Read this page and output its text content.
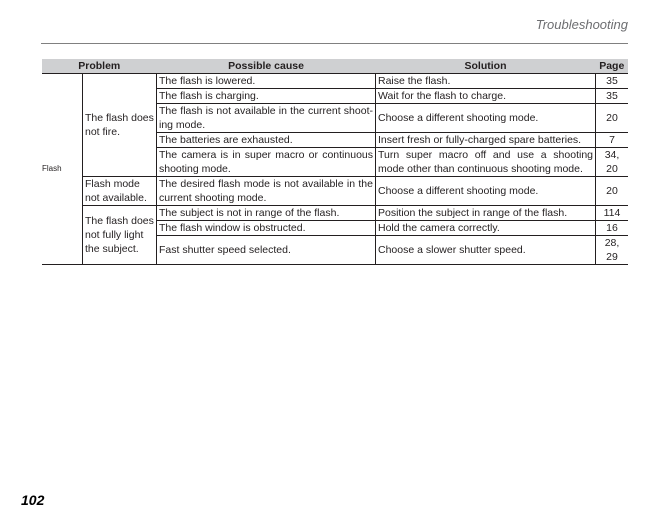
Troubleshooting
Problem		Possible cause	Solution	Page
Flash	The flash does not fire.	The flash is lowered.	Raise the flash.	35
		The flash is charging.	Wait for the flash to charge.	35
		The flash is not available in the current shoot-ing mode.	Choose a different shooting mode.	20
		The batteries are exhausted.	Insert fresh or fully-charged spare batteries.	7
		The camera is in super macro or continuous shooting mode.	Turn super macro off and use a shooting mode other than continuous shooting mode.	34, 20
	Flash mode not available.	The desired flash mode is not available in the current shooting mode.	Choose a different shooting mode.	20
	The flash does not fully light the subject.	The subject is not in range of the flash.	Position the subject in range of the flash.	114
		The flash window is obstructed.	Hold the camera correctly.	16
		Fast shutter speed selected.	Choose a slower shutter speed.	28, 29
102
